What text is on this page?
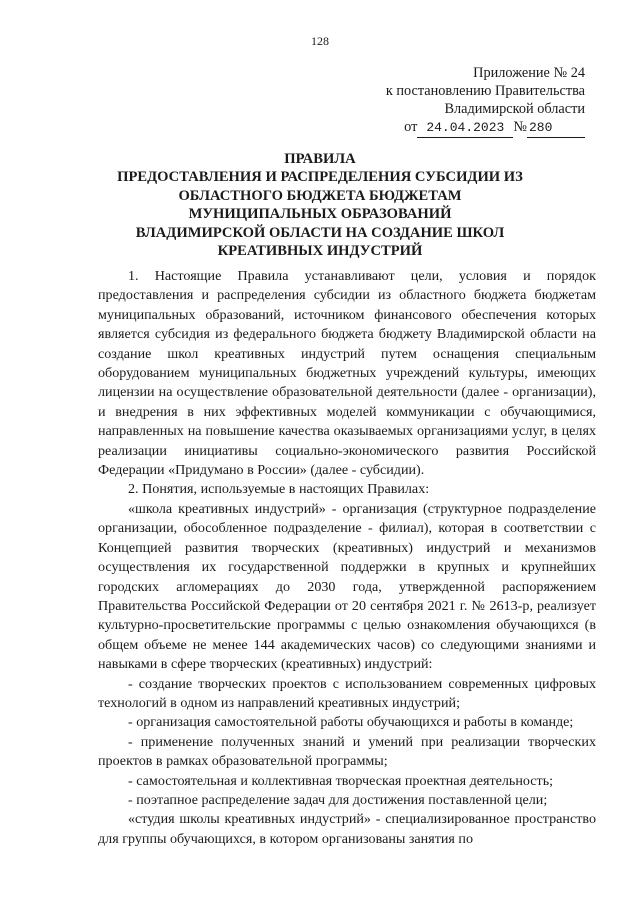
128
Приложение № 24
к постановлению Правительства
Владимирской области
от 24.04.2023 № 280
ПРАВИЛА
ПРЕДОСТАВЛЕНИЯ И РАСПРЕДЕЛЕНИЯ СУБСИДИИ ИЗ
ОБЛАСТНОГО БЮДЖЕТА БЮДЖЕТАМ
МУНИЦИПАЛЬНЫХ ОБРАЗОВАНИЙ
ВЛАДИМИРСКОЙ ОБЛАСТИ НА СОЗДАНИЕ ШКОЛ
КРЕАТИВНЫХ ИНДУСТРИЙ

1. Настоящие Правила устанавливают цели, условия и порядок предоставления и распределения субсидии из областного бюджета бюджетам муниципальных образований, источником финансового обеспечения которых является субсидия из федерального бюджета бюджету Владимирской области на создание школ креативных индустрий путем оснащения специальным оборудованием муниципальных бюджетных учреждений культуры, имеющих лицензии на осуществление образовательной деятельности (далее - организации), и внедрения в них эффективных моделей коммуникации с обучающимися, направленных на повышение качества оказываемых организациями услуг, в целях реализации инициативы социально-экономического развития Российской Федерации «Придумано в России» (далее - субсидии).

2. Понятия, используемые в настоящих Правилах:

«школа креативных индустрий» - организация (структурное подразделение организации, обособленное подразделение - филиал), которая в соответствии с Концепцией развития творческих (креативных) индустрий и механизмов осуществления их государственной поддержки в крупных и крупнейших городских агломерациях до 2030 года, утвержденной распоряжением Правительства Российской Федерации от 20 сентября 2021 г. № 2613-р, реализует культурно-просветительские программы с целью ознакомления обучающихся (в общем объеме не менее 144 академических часов) со следующими знаниями и навыками в сфере творческих (креативных) индустрий:

- создание творческих проектов с использованием современных цифровых технологий в одном из направлений креативных индустрий;

- организация самостоятельной работы обучающихся и работы в команде;

- применение полученных знаний и умений при реализации творческих проектов в рамках образовательной программы;

- самостоятельная и коллективная творческая проектная деятельность;

- поэтапное распределение задач для достижения поставленной цели;

«студия школы креативных индустрий» - специализированное пространство для группы обучающихся, в котором организованы занятия по
